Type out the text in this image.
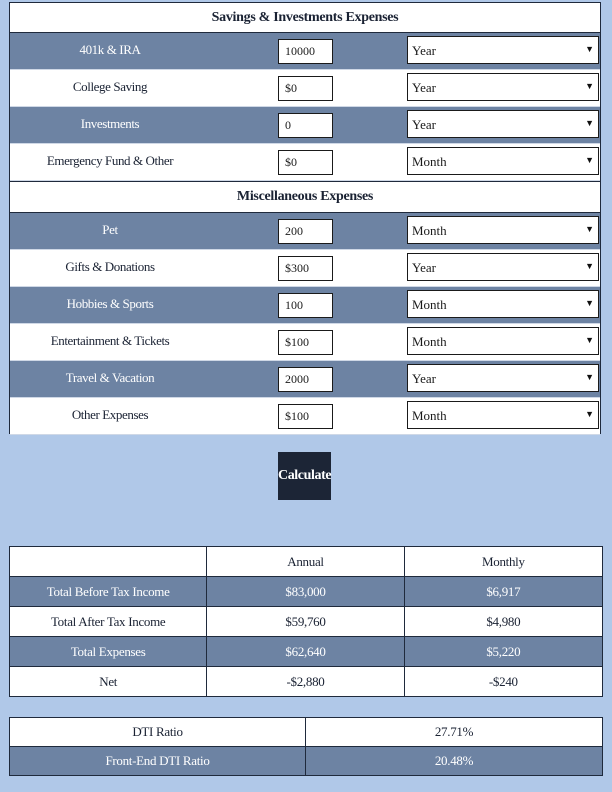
Savings & Investments Expenses
401k & IRA	10000	Year	▼
College Saving	$0	Year	▼
Investments	0	Year	▼
Emergency Fund & Other	$0	Month	▼
Miscellaneous Expenses
Pet	200	Month	▼
Gifts & Donations	$300	Year	▼
Hobbies & Sports	100	Month	▼
Entertainment & Tickets	$100	Month	▼
Travel & Vacation	2000	Year	▼
Other Expenses	$100	Month	▼
Calculate
	Annual	Monthly
Total Before Tax Income	$83,000	$6,917
Total After Tax Income	$59,760	$4,980
Total Expenses	$62,640	$5,220
Net	-$2,880	-$240
DTI Ratio	27.71%
Front-End DTI Ratio	20.48%
